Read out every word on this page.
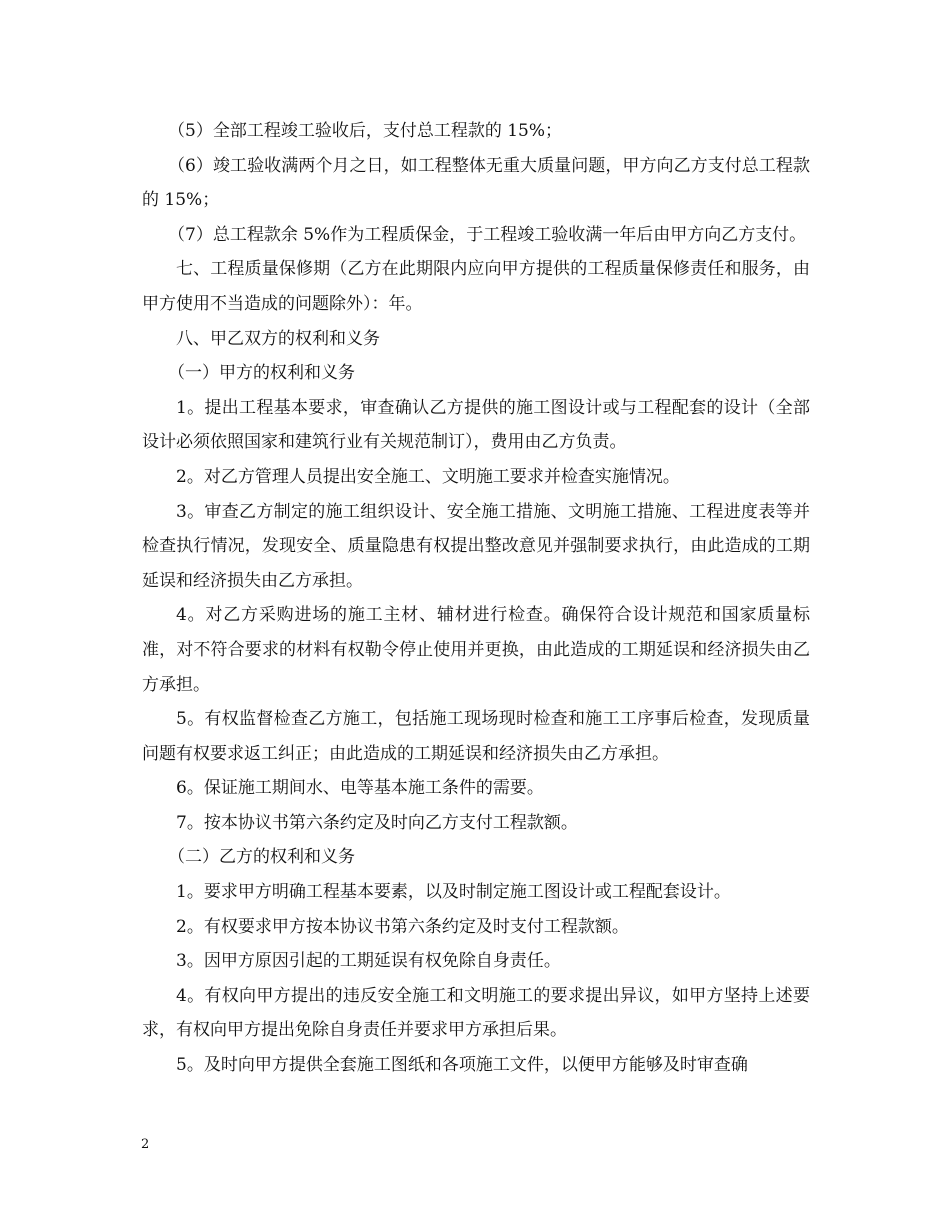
（5）全部工程竣工验收后，支付总工程款的 15%；

（6）竣工验收满两个月之日，如工程整体无重大质量问题，甲方向乙方支付总工程款的 15%；

（7）总工程款余 5%作为工程质保金，于工程竣工验收满一年后由甲方向乙方支付。

七、工程质量保修期（乙方在此期限内应向甲方提供的工程质量保修责任和服务，由甲方使用不当造成的问题除外）：年。

八、甲乙双方的权利和义务

（一）甲方的权利和义务

1。提出工程基本要求，审查确认乙方提供的施工图设计或与工程配套的设计（全部设计必须依照国家和建筑行业有关规范制订），费用由乙方负责。

2。对乙方管理人员提出安全施工、文明施工要求并检查实施情况。

3。审查乙方制定的施工组织设计、安全施工措施、文明施工措施、工程进度表等并检查执行情况，发现安全、质量隐患有权提出整改意见并强制要求执行，由此造成的工期延误和经济损失由乙方承担。

4。对乙方采购进场的施工主材、辅材进行检查。确保符合设计规范和国家质量标准，对不符合要求的材料有权勒令停止使用并更换，由此造成的工期延误和经济损失由乙方承担。

5。有权监督检查乙方施工，包括施工现场现时检查和施工工序事后检查，发现质量问题有权要求返工纠正；由此造成的工期延误和经济损失由乙方承担。

6。保证施工期间水、电等基本施工条件的需要。

7。按本协议书第六条约定及时向乙方支付工程款额。

（二）乙方的权利和义务

1。要求甲方明确工程基本要素，以及时制定施工图设计或工程配套设计。

2。有权要求甲方按本协议书第六条约定及时支付工程款额。

3。因甲方原因引起的工期延误有权免除自身责任。

4。有权向甲方提出的违反安全施工和文明施工的要求提出异议，如甲方坚持上述要求，有权向甲方提出免除自身责任并要求甲方承担后果。

5。及时向甲方提供全套施工图纸和各项施工文件，以便甲方能够及时审查确

2
